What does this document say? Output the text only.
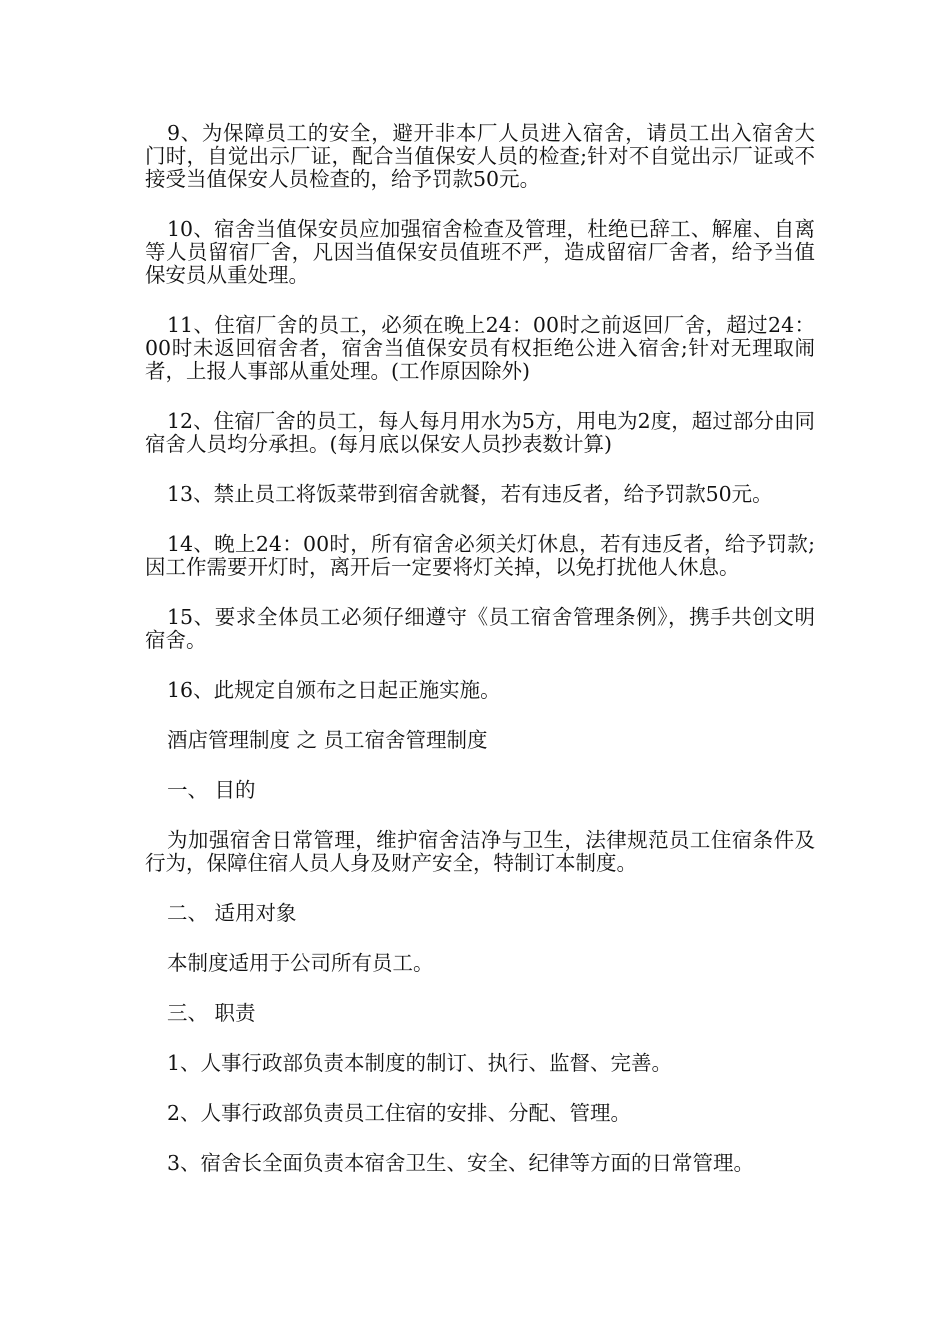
9、为保障员工的安全，避开非本厂人员进入宿舍，请员工出入宿舍大门时，自觉出示厂证，配合当值保安人员的检查;针对不自觉出示厂证或不接受当值保安人员检查的，给予罚款50元。

10、宿舍当值保安员应加强宿舍检查及管理，杜绝已辞工、解雇、自离等人员留宿厂舍，凡因当值保安员值班不严，造成留宿厂舍者，给予当值保安员从重处理。

11、住宿厂舍的员工，必须在晚上24：00时之前返回厂舍，超过24：00时未返回宿舍者，宿舍当值保安员有权拒绝公进入宿舍;针对无理取闹者，上报人事部从重处理。(工作原因除外)

12、住宿厂舍的员工，每人每月用水为5方，用电为2度，超过部分由同宿舍人员均分承担。(每月底以保安人员抄表数计算)

13、禁止员工将饭菜带到宿舍就餐，若有违反者，给予罚款50元。

14、晚上24：00时，所有宿舍必须关灯休息，若有违反者，给予罚款;因工作需要开灯时，离开后一定要将灯关掉，以免打扰他人休息。

15、要求全体员工必须仔细遵守《员工宿舍管理条例》，携手共创文明宿舍。

16、此规定自颁布之日起正施实施。

酒店管理制度 之 员工宿舍管理制度

一、 目的

为加强宿舍日常管理，维护宿舍洁净与卫生，法律规范员工住宿条件及行为，保障住宿人员人身及财产安全，特制订本制度。

二、 适用对象

本制度适用于公司所有员工。

三、 职责

1、人事行政部负责本制度的制订、执行、监督、完善。

2、人事行政部负责员工住宿的安排、分配、管理。

3、宿舍长全面负责本宿舍卫生、安全、纪律等方面的日常管理。
